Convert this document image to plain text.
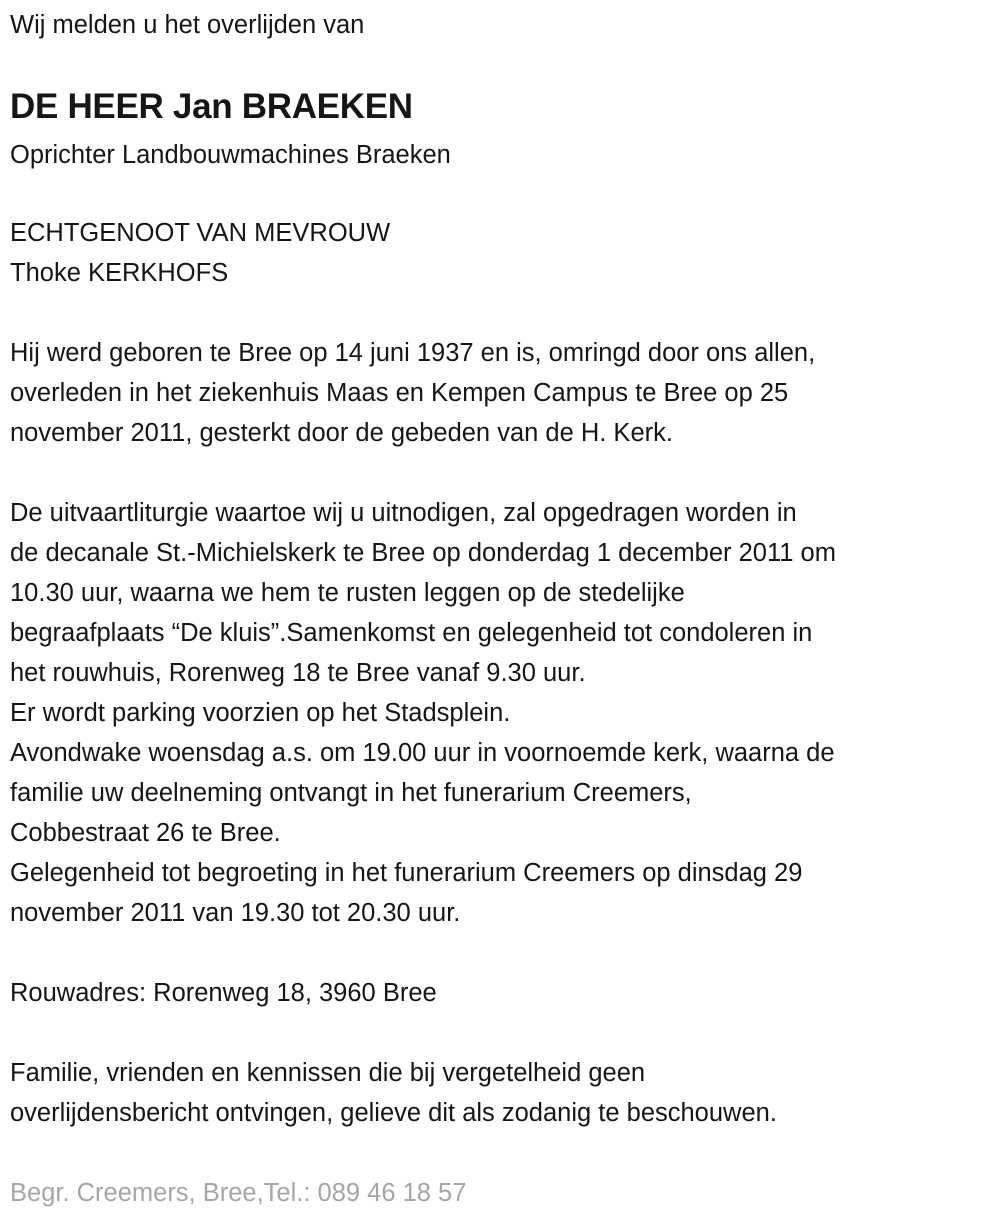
Wij melden u het overlijden van
DE HEER Jan BRAEKEN
Oprichter Landbouwmachines Braeken
ECHTGENOOT VAN MEVROUW
Thoke KERKHOFS
Hij werd geboren te Bree op 14 juni 1937 en is, omringd door ons allen,
overleden in het ziekenhuis Maas en Kempen Campus te Bree op 25
november 2011, gesterkt door de gebeden van de H. Kerk.
De uitvaartliturgie waartoe wij u uitnodigen, zal opgedragen worden in
de decanale St.-Michielskerk te Bree op donderdag 1 december 2011 om
10.30 uur, waarna we hem te rusten leggen op de stedelijke
begraafplaats “De kluis”.Samenkomst en gelegenheid tot condoleren in
het rouwhuis, Rorenweg 18 te Bree vanaf 9.30 uur.
Er wordt parking voorzien op het Stadsplein.
Avondwake woensdag a.s. om 19.00 uur in voornoemde kerk, waarna de
familie uw deelneming ontvangt in het funerarium Creemers,
Cobbestraat 26 te Bree.
Gelegenheid tot begroeting in het funerarium Creemers op dinsdag 29
november 2011 van 19.30 tot 20.30 uur.
Rouwadres: Rorenweg 18, 3960 Bree
Familie, vrienden en kennissen die bij vergetelheid geen
overlijdensbericht ontvingen, gelieve dit als zodanig te beschouwen.
Begr. Creemers, Bree,Tel.: 089 46 18 57
